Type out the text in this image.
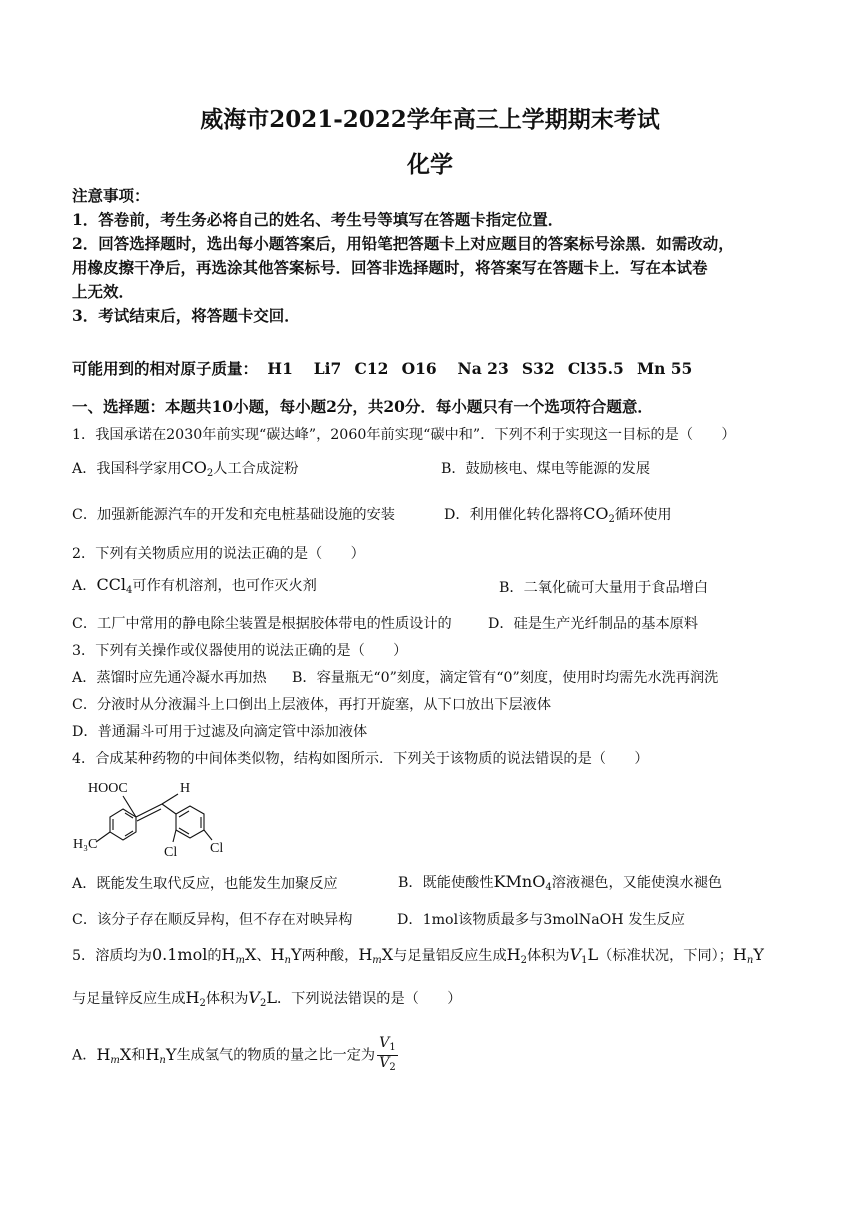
威海市2021-2022学年高三上学期期末考试
化学

注意事项：

1．答卷前，考生务必将自己的姓名、考生号等填写在答题卡指定位置．

2．回答选择题时，选出每小题答案后，用铅笔把答题卡上对应题目的答案标号涂黑．如需改动，

用橡皮擦干净后，再选涂其他答案标号．回答非选择题时，将答案写在答题卡上．写在本试卷

上无效．

3．考试结束后，将答题卡交回．

可能用到的相对原子质量： H1  Li7  C12  O16  Na 23  S32  Cl35.5  Mn 55
一、选择题：本题共10小题，每小题2分，共20分．每小题只有一个选项符合题意．
1．我国承诺在2030年前实现“碳达峰”，2060年前实现“碳中和”．下列不利于实现这一目标的是（　　）
A．我国科学家用$CO_2$人工合成淀粉	B．鼓励核电、煤电等能源的发展
C．加强新能源汽车的开发和充电桩基础设施的安装	D．利用催化转化器将$CO_2$循环使用
2．下列有关物质应用的说法正确的是（　　）
A．CCl$_4$可作有机溶剂，也可作灭火剂	B．二氧化硫可大量用于食品增白
C．工厂中常用的静电除尘装置是根据胶体带电的性质设计的	D．硅是生产光纤制品的基本原料
3．下列有关操作或仪器使用的说法正确的是（　　）
A．蒸馏时应先通冷凝水再加热 B．容量瓶无“0”刻度，滴定管有“0”刻度，使用时均需先水洗再润洗
C．分液时从分液漏斗上口倒出上层液体，再打开旋塞，从下口放出下层液体
D．普通漏斗可用于过滤及向滴定管中添加液体
4．合成某种药物的中间体类似物，结构如图所示．下列关于该物质的说法错误的是（　　）
HOOC	H
H₃C
Cl Cl
A．既能发生取代反应，也能发生加聚反应	B．既能使酸性KMnO$_4$溶液褪色，又能使溴水褪色
C．该分子存在顺反异构，但不存在对映异构	D．1mol该物质最多与3molNaOH 发生反应
5．溶质均为0.1mol的$H_mX$、$H_nY$两种酸，$H_mX$与足量铝反应生成$H_2$体积为$V_1L$（标准状况，下同）；$H_nY$
与足量锌反应生成$H_2$体积为$V_2L$．下列说法错误的是（　　）
A．$H_mX$和$H_nY$生成氢气的物质的量之比一定为 $\frac{V_1}{V_2}$
